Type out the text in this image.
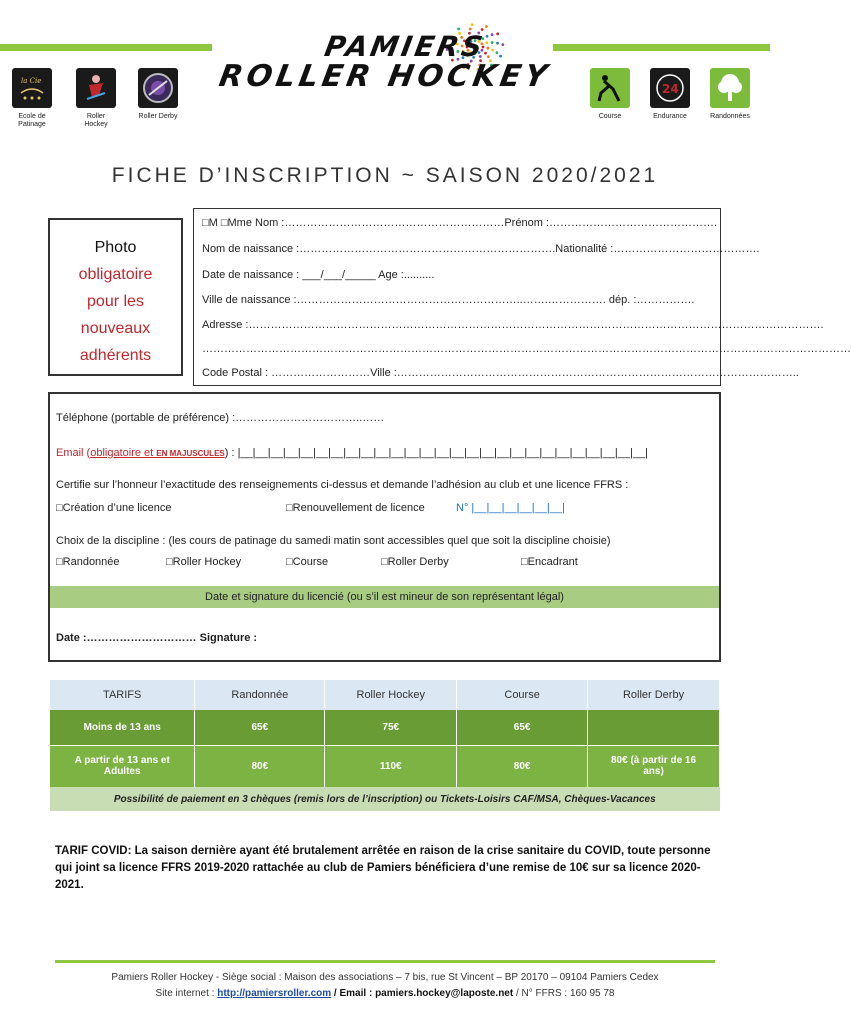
PAMIERS
ROLLER HOCKEY
la Cie
Ecole de Patinage
Roller Hockey
Roller Derby	Course
24
Endurance	Randonnées
FICHE D’INSCRIPTION ~ SAISON 2020/2021
Photo
obligatoire
pour les
nouveaux
adhérents
□M □Mme Nom :……………………………………………………Prénom :……………………………………….
Nom de naissance :…………………………………………………………….Nationalité :………………………………….
Date de naissance : ___/___/_____ Age :..........
Ville de naissance :……………………………………………………..…….……………. dép. :…………….
Adresse :………………………………………………………………………………………………………………………………………….
……………………………………………………………………………………………………………………………………………………………
Code Postal : ………………………Ville :………………………………………………………………………………………………..
Téléphone (portable de préférence) :……………………………..……
Email (obligatoire et EN MAJUSCULES) : |__|__|__|__|__|__|__|__|__|__|__|__|__|__|__|__|__|__|__|__|__|__|__|__|__|__|__|
Certifie sur l’honneur l’exactitude des renseignements ci-dessus et demande l’adhésion au club et une licence FFRS :
□Création d’une licence	□Renouvellement de licence	N° |__|__|__|__|__|__|
Choix de la discipline : (les cours de patinage du samedi matin sont accessibles quel que soit la discipline choisie)
□Randonnée	□Roller Hockey	□Course	□Roller Derby	□Encadrant
Date et signature du licencié (ou s’il est mineur de son représentant légal)
Date :………………………… Signature :
TARIFS	Randonnée	Roller Hockey	Course	Roller Derby
Moins de 13 ans	65€	75€	65€	
A partir de 13 ans et Adultes	80€	110€	80€	80€ (à partir de 16 ans)
Possibilité de paiement en 3 chèques (remis lors de l’inscription) ou Tickets-Loisirs CAF/MSA, Chèques-Vacances				
TARIF COVID: La saison dernière ayant été brutalement arrêtée en raison de la crise sanitaire du COVID, toute personne qui joint sa licence FFRS 2019-2020 rattachée au club de Pamiers bénéficiera d’une remise de 10€ sur sa licence 2020-2021.
Pamiers Roller Hockey - Siège social : Maison des associations – 7 bis, rue St Vincent – BP 20170 – 09104 Pamiers Cedex
Site internet : http://pamiersroller.com / Email : pamiers.hockey@laposte.net / N° FFRS : 160 95 78
